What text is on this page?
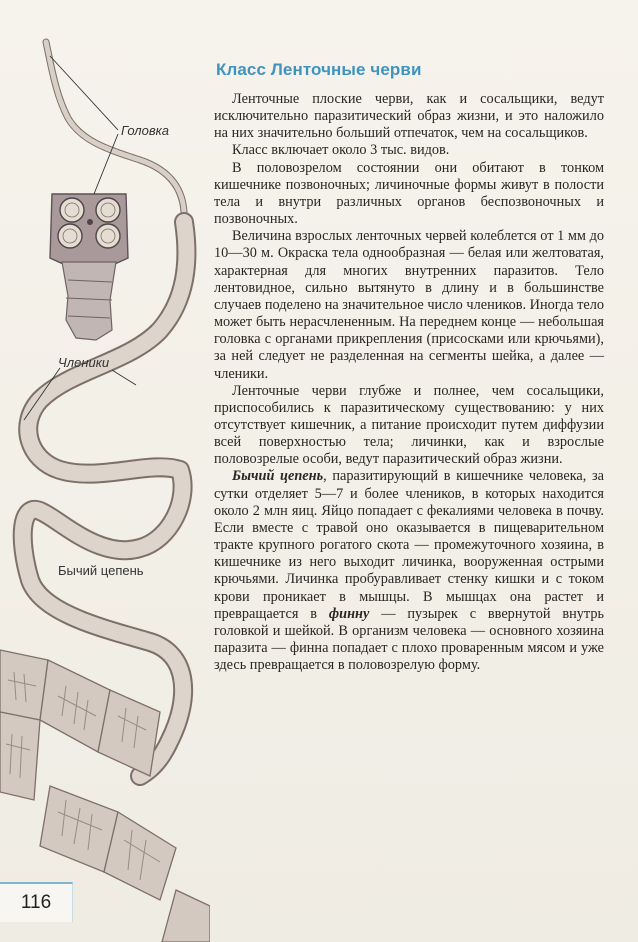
Головка
Членики
Бычий цепень
116
Класс Ленточные черви

Ленточные плоские черви, как и сосальщики, ведут исключительно паразитический образ жизни, и это наложило на них значительно больший отпечаток, чем на сосальщиков.

Класс включает около 3 тыс. видов.

В половозрелом состоянии они обитают в тонком кишечнике позвоночных; личиночные формы живут в полости тела и внутри различных органов беспозвоночных и позвоночных.

Величина взрослых ленточных червей колеблется от 1 мм до 10—30 м. Окраска тела однообразная — белая или желтоватая, характерная для многих внутренних паразитов. Тело лентовидное, сильно вытянуто в длину и в большинстве случаев поделено на значительное число члеников. Иногда тело может быть нерасчлененным. На переднем конце — небольшая головка с органами прикрепления (присосками или крючьями), за ней следует не разделенная на сегменты шейка, а далее — членики.

Ленточные черви глубже и полнее, чем сосальщики, приспособились к паразитическому существованию: у них отсутствует кишечник, а питание происходит путем диффузии всей поверхностью тела; личинки, как и взрослые половозрелые особи, ведут паразитический образ жизни.

Бычий цепень, паразитирующий в кишечнике человека, за сутки отделяет 5—7 и более члеников, в которых находится около 2 млн яиц. Яйцо попадает с фекалиями человека в почву. Если вместе с травой оно оказывается в пищеварительном тракте крупного рогатого скота — промежуточного хозяина, в кишечнике из него выходит личинка, вооруженная острыми крючьями. Личинка пробуравливает стенку кишки и с током крови проникает в мышцы. В мышцах она растет и превращается в финну — пузырек с ввернутой внутрь головкой и шейкой. В организм человека — основного хозяина паразита — финна попадает с плохо проваренным мясом и уже здесь превращается в половозрелую форму.
